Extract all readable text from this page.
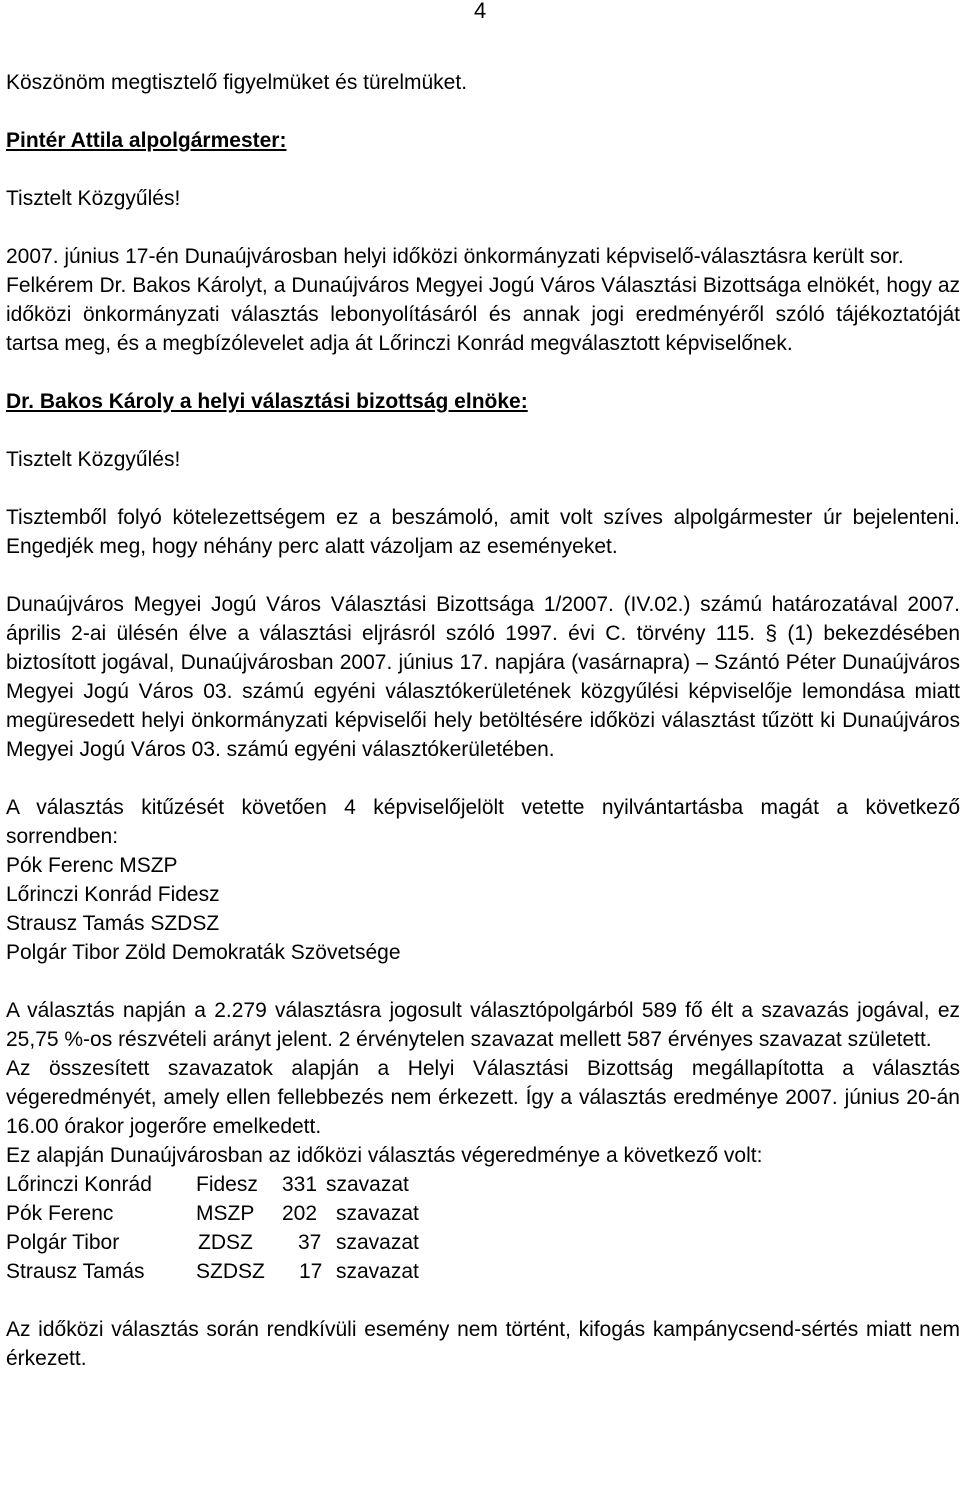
4

Köszönöm megtisztelő figyelmüket és türelmüket.

Pintér Attila alpolgármester:

Tisztelt Közgyűlés!

2007. június 17-én Dunaújvárosban helyi időközi önkormányzati képviselő-választásra került sor.

Felkérem Dr. Bakos Károlyt, a Dunaújváros Megyei Jogú Város Választási Bizottsága elnökét, hogy az időközi önkormányzati választás lebonyolításáról és annak jogi eredményéről szóló tájékoztatóját tartsa meg, és a megbízólevelet adja át Lőrinczi Konrád megválasztott képviselőnek.

Dr. Bakos Károly a helyi választási bizottság elnöke:

Tisztelt Közgyűlés!

Tisztemből folyó kötelezettségem ez a beszámoló, amit volt szíves alpolgármester úr bejelenteni. Engedjék meg, hogy néhány perc alatt vázoljam az eseményeket.

Dunaújváros Megyei Jogú Város Választási Bizottsága 1/2007. (IV.02.) számú határozatával 2007. április 2-ai ülésén élve a választási eljrásról szóló 1997. évi C. törvény 115. § (1) bekezdésében biztosított jogával, Dunaújvárosban 2007. június 17. napjára (vasárnapra) – Szántó Péter Dunaújváros Megyei Jogú Város 03. számú egyéni választókerületének közgyűlési képviselője lemondása miatt megüresedett helyi önkormányzati képviselői hely betöltésére időközi választást tűzött ki Dunaújváros Megyei Jogú Város 03. számú egyéni választókerületében.

A választás kitűzését követően 4 képviselőjelölt vetette nyilvántartásba magát a következő sorrendben:

Pók Ferenc MSZP

Lőrinczi Konrád Fidesz

Strausz Tamás SZDSZ

Polgár Tibor Zöld Demokraták Szövetsége

A választás napján a 2.279 választásra jogosult választópolgárból 589 fő élt a szavazás jogával, ez 25,75 %-os részvételi arányt jelent. 2 érvénytelen szavazat mellett 587 érvényes szavazat született.

Az összesített szavazatok alapján a Helyi Választási Bizottság megállapította a választás végeredményét, amely ellen fellebbezés nem érkezett. Így a választás eredménye 2007. június 20-án 16.00 órakor jogerőre emelkedett.

Ez alapján Dunaújvárosban az időközi választás végeredménye a következő volt:

Lőrinczi Konrád Fidesz 331 szavazat

Pók Ferenc	MSZP 202 szavazat

Polgár Tibor	ZDSZ 37 szavazat

Strausz Tamás SZDSZ 17 szavazat

Az időközi választás során rendkívüli esemény nem történt, kifogás kampánycsend-sértés miatt nem érkezett.
